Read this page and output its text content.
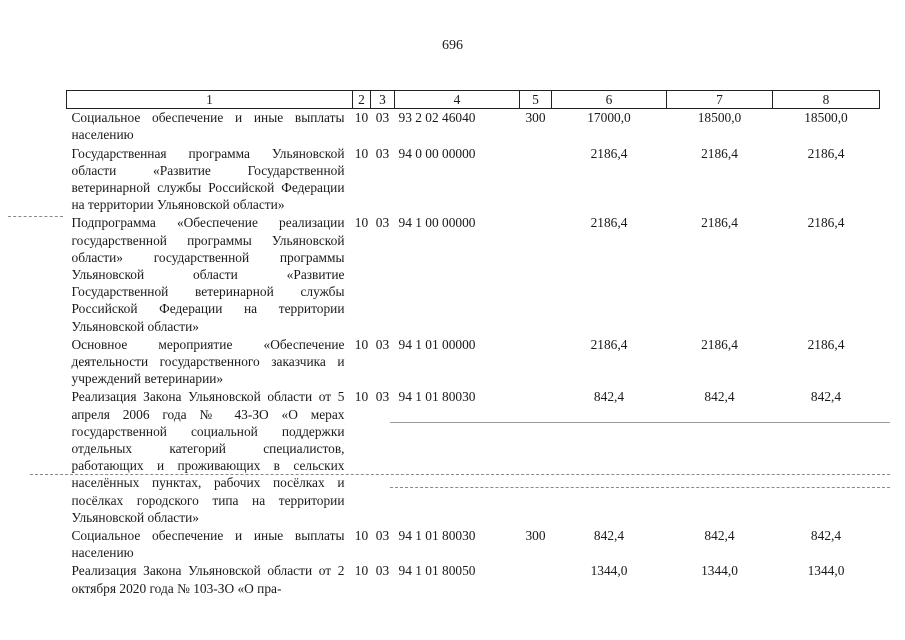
696
1	2	3	4	5	6	7	8
Социальное обеспечение и иные выплаты населению	10	03	93 2 02 46040	300	17000,0	18500,0	18500,0
Государственная программа Ульяновской области «Развитие Государственной ветеринарной службы Российской Федерации на территории Ульяновской области»	10	03	94 0 00 00000		2186,4	2186,4	2186,4
Подпрограмма «Обеспечение реализации государственной программы Ульяновской области» государственной программы Ульяновской области «Развитие Государственной ветеринарной службы Российской Федерации на территории Ульяновской области»	10	03	94 1 00 00000		2186,4	2186,4	2186,4
Основное мероприятие «Обеспечение деятельности государственного заказчика и учреждений ветеринарии»	10	03	94 1 01 00000		2186,4	2186,4	2186,4
Реализация Закона Ульяновской области от 5 апреля 2006 года № 43-ЗО «О мерах государственной социальной поддержки отдельных категорий специалистов, работающих и проживающих в сельских населённых пунктах, рабочих посёлках и посёлках городского типа на территории Ульяновской области»	10	03	94 1 01 80030		842,4	842,4	842,4
Социальное обеспечение и иные выплаты населению	10	03	94 1 01 80030	300	842,4	842,4	842,4
Реализация Закона Ульяновской области от 2 октября 2020 года № 103-ЗО «О пра-	10	03	94 1 01 80050		1344,0	1344,0	1344,0
